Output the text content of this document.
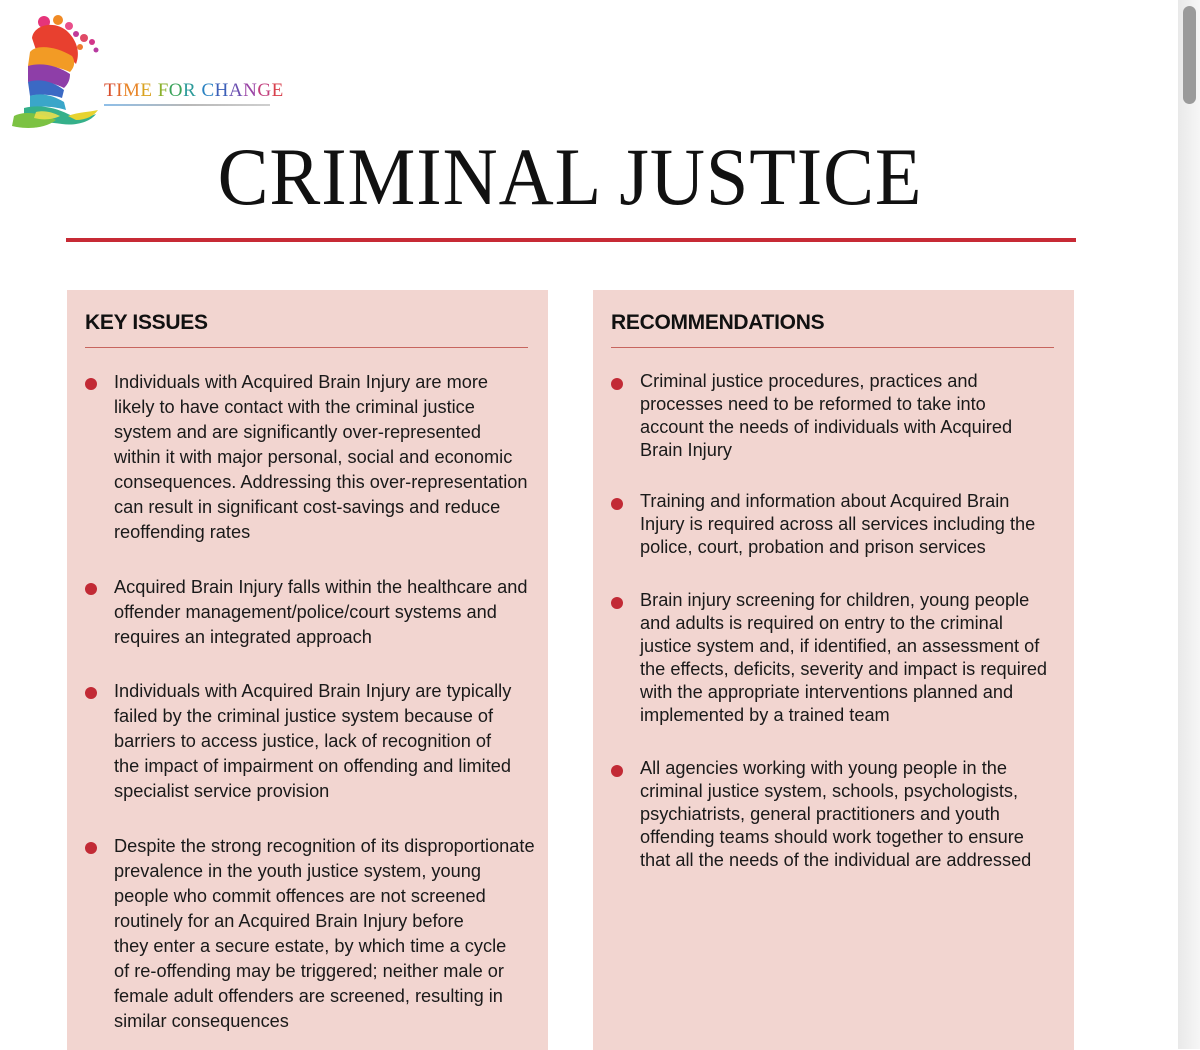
TIME FOR CHANGE
CRIMINAL JUSTICE
KEY ISSUES

Individuals with Acquired Brain Injury are more

likely to have contact with the criminal justice

system and are significantly over-represented

within it with major personal, social and economic

consequences. Addressing this over-representation

can result in significant cost-savings and reduce

reoffending rates

Acquired Brain Injury falls within the healthcare and

offender management/police/court systems and

requires an integrated approach

Individuals with Acquired Brain Injury are typically

failed by the criminal justice system because of

barriers to access justice, lack of recognition of

the impact of impairment on offending and limited

specialist service provision

Despite the strong recognition of its disproportionate

prevalence in the youth justice system, young

people who commit offences are not screened

routinely for an Acquired Brain Injury before

they enter a secure estate, by which time a cycle

of re-offending may be triggered; neither male or

female adult offenders are screened, resulting in

similar consequences

RECOMMENDATIONS

Criminal justice procedures, practices and

processes need to be reformed to take into

account the needs of individuals with Acquired

Brain Injury

Training and information about Acquired Brain

Injury is required across all services including the

police, court, probation and prison services

Brain injury screening for children, young people

and adults is required on entry to the criminal

justice system and, if identified, an assessment of

the effects, deficits, severity and impact is required

with the appropriate interventions planned and

implemented by a trained team

All agencies working with young people in the

criminal justice system, schools, psychologists,

psychiatrists, general practitioners and youth

offending teams should work together to ensure

that all the needs of the individual are addressed
